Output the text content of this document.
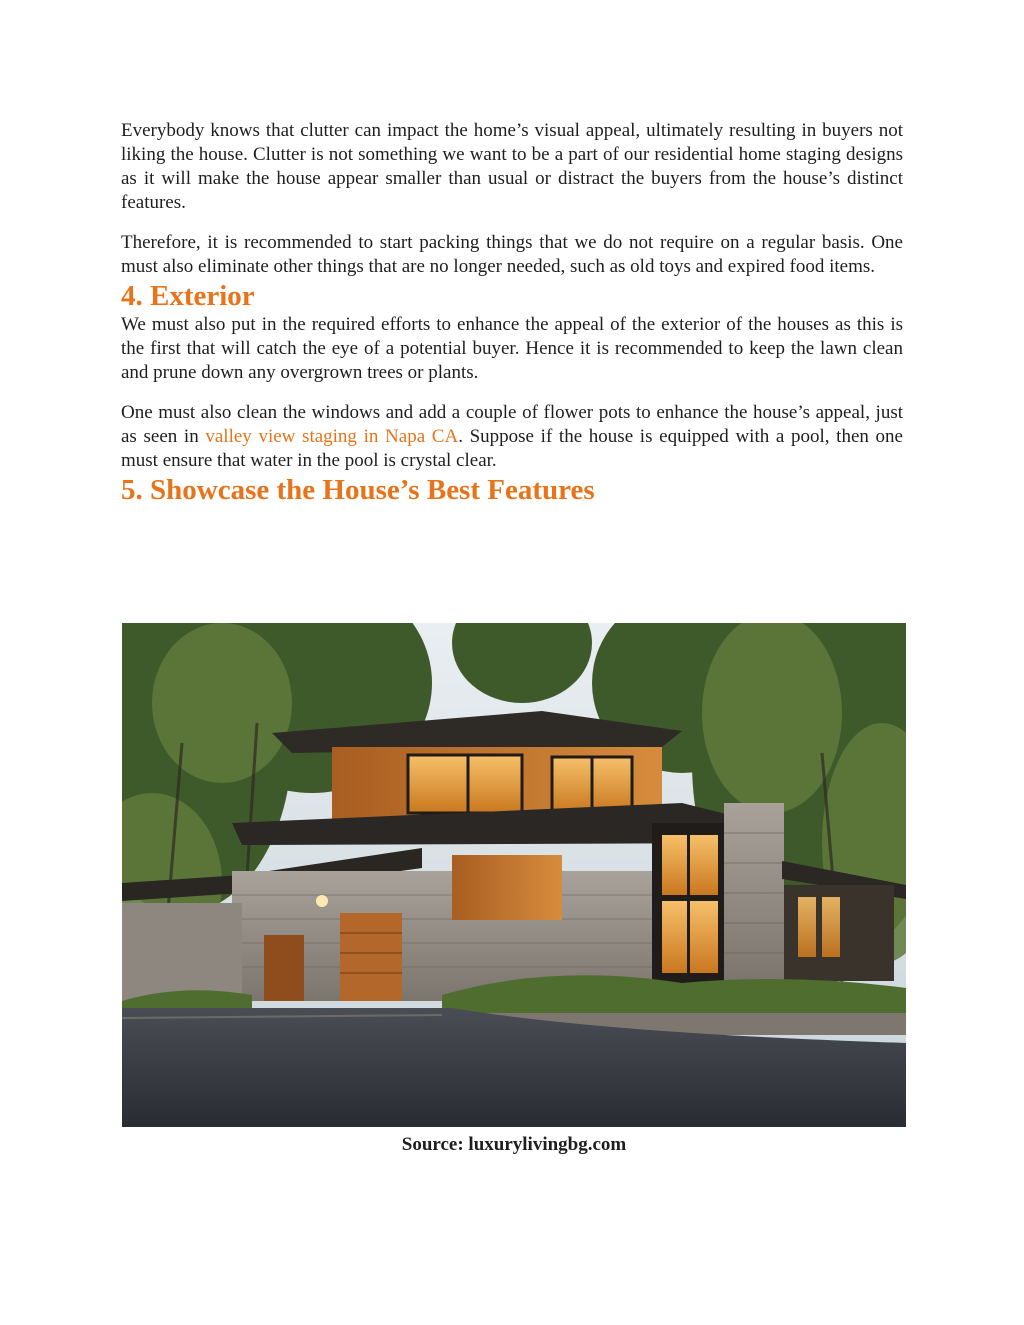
Everybody knows that clutter can impact the home’s visual appeal, ultimately resulting in buyers not liking the house. Clutter is not something we want to be a part of our residential home staging designs as it will make the house appear smaller than usual or distract the buyers from the house’s distinct features.

Therefore, it is recommended to start packing things that we do not require on a regular basis. One must also eliminate other things that are no longer needed, such as old toys and expired food items.

4. Exterior

We must also put in the required efforts to enhance the appeal of the exterior of the houses as this is the first that will catch the eye of a potential buyer. Hence it is recommended to keep the lawn clean and prune down any overgrown trees or plants.

One must also clean the windows and add a couple of flower pots to enhance the house’s appeal, just as seen in valley view staging in Napa CA. Suppose if the house is equipped with a pool, then one must ensure that water in the pool is crystal clear.

5. Showcase the House’s Best Features
Source: luxurylivingbg.com
